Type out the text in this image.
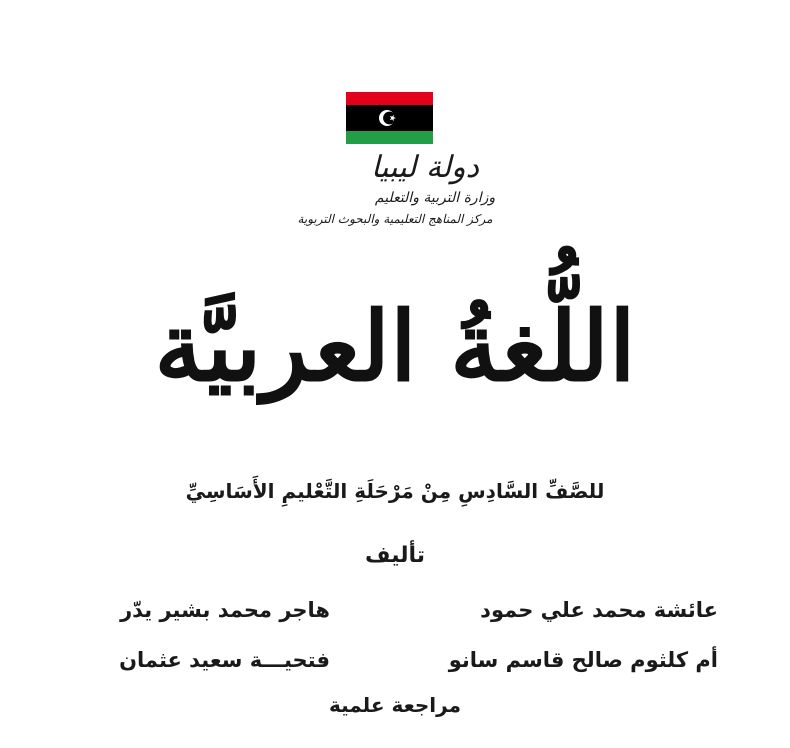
دولة ليبيا

وزارة التربية والتعليم

مركز المناهج التعليمية والبحوث التربوية

اللُّغةُ العربيَّة
للصَّفِّ السَّادِسِ مِنْ مَرْحَلَةِ التَّعْليمِ الأَسَاسِيِّ
تأليف
عائشة محمد علي حمود
هاجر محمد بشير يدّر
أم كلثوم صالح قاسم سانو
فتحيـــة سعيد عثمان
مراجعة علمية
